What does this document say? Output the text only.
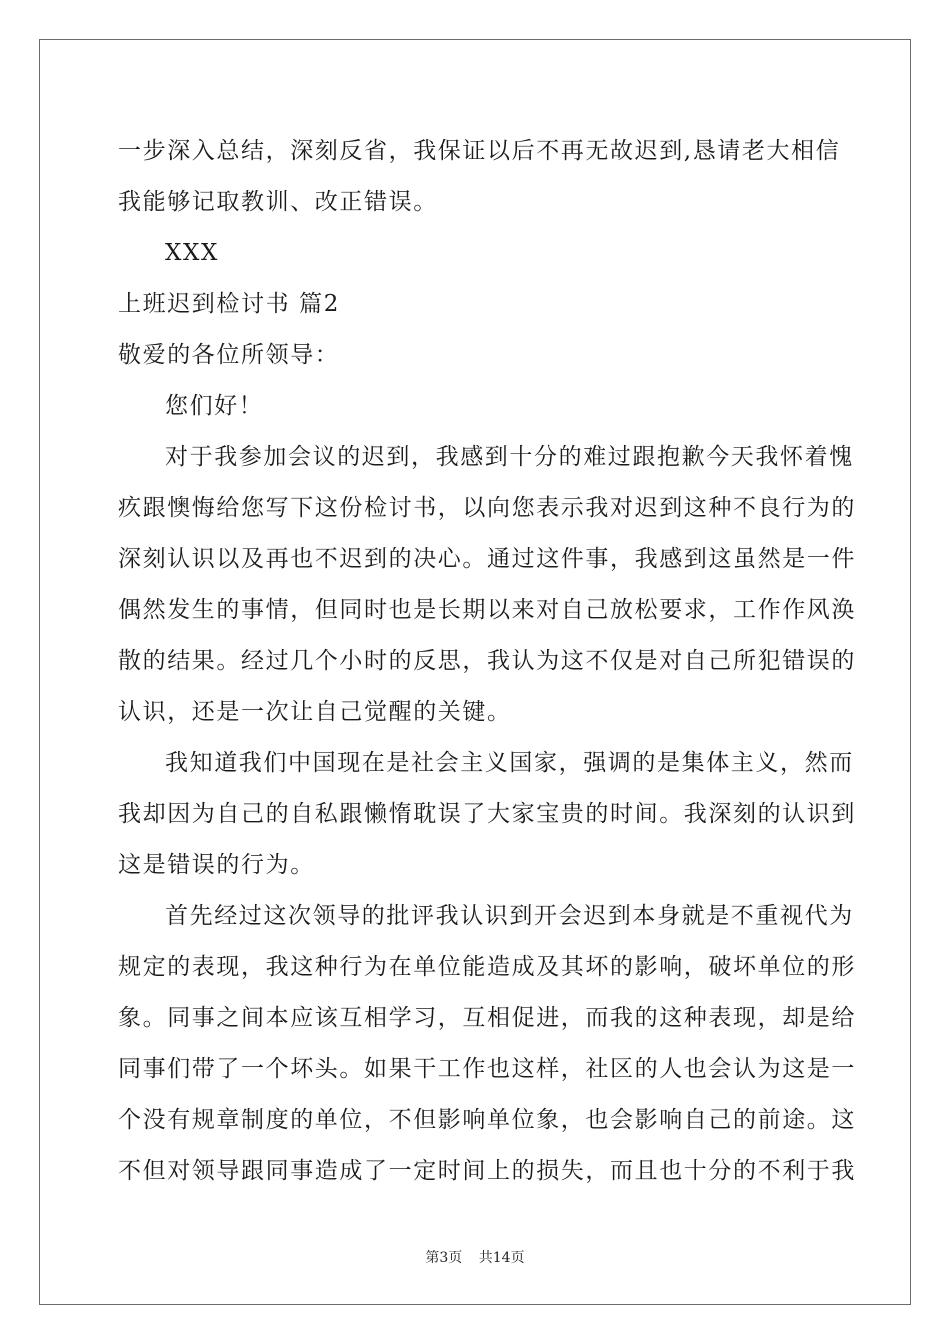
一步深入总结，深刻反省，我保证以后不再无故迟到,恳请老大相信
我能够记取教训、改正错误。
XXX
上班迟到检讨书 篇2
敬爱的各位所领导：
您们好！
对于我参加会议的迟到，我感到十分的难过跟抱歉今天我怀着愧
疚跟懊悔给您写下这份检讨书，以向您表示我对迟到这种不良行为的
深刻认识以及再也不迟到的决心。通过这件事，我感到这虽然是一件
偶然发生的事情，但同时也是长期以来对自己放松要求，工作作风涣
散的结果。经过几个小时的反思，我认为这不仅是对自己所犯错误的
认识，还是一次让自己觉醒的关键。
我知道我们中国现在是社会主义国家，强调的是集体主义，然而
我却因为自己的自私跟懒惰耽误了大家宝贵的时间。我深刻的认识到
这是错误的行为。
首先经过这次领导的批评我认识到开会迟到本身就是不重视代为
规定的表现，我这种行为在单位能造成及其坏的影响，破坏单位的形
象。同事之间本应该互相学习，互相促进，而我的这种表现，却是给
同事们带了一个坏头。如果干工作也这样，社区的人也会认为这是一
个没有规章制度的单位，不但影响单位象，也会影响自己的前途。这
不但对领导跟同事造成了一定时间上的损失，而且也十分的不利于我
第3页 共14页
